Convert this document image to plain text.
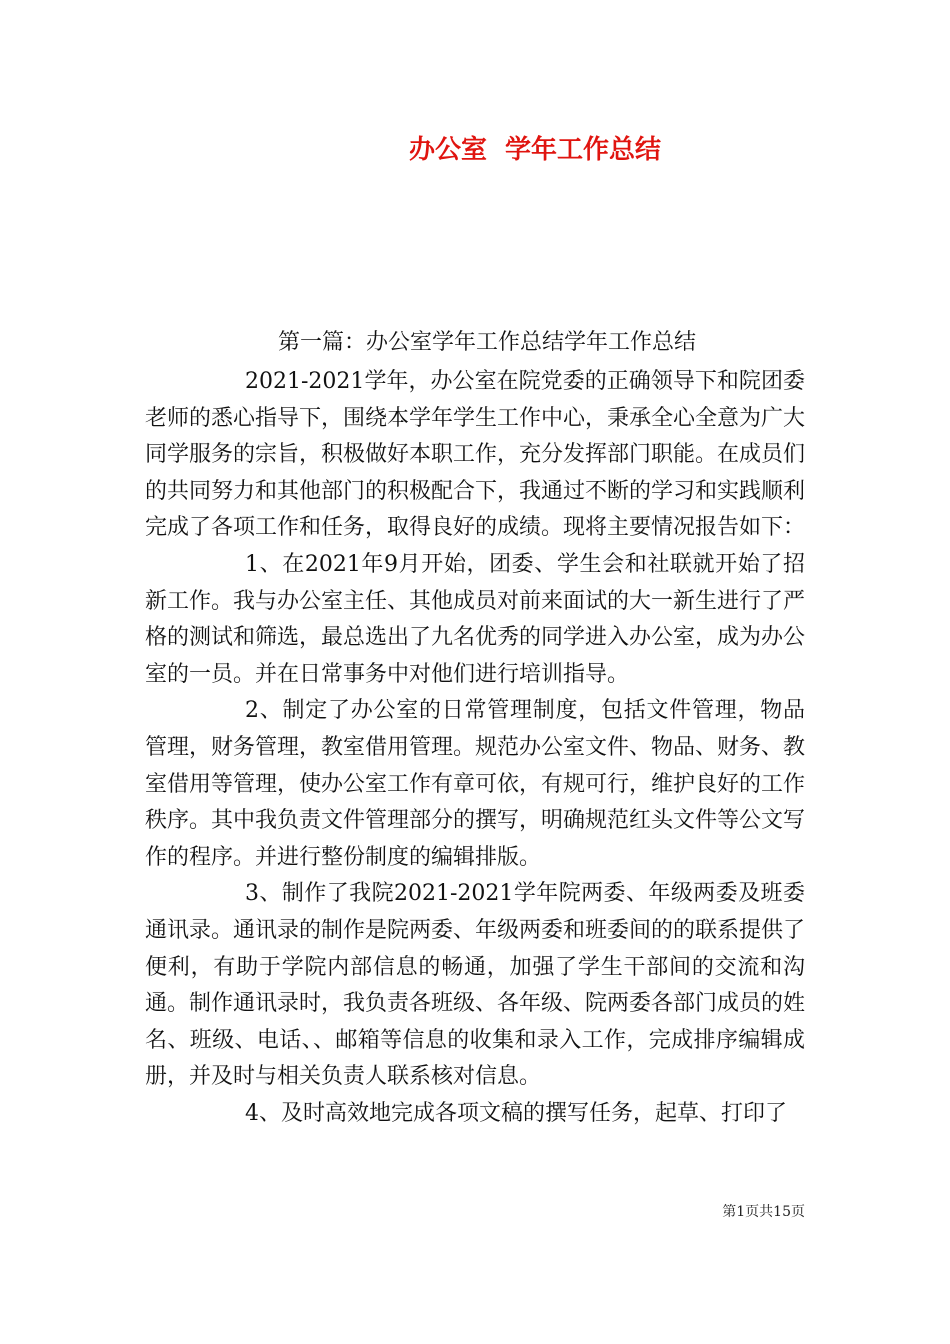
办公室  学年工作总结
第一篇：办公室学年工作总结学年工作总结

2021-2021学年，办公室在院党委的正确领导下和院团委老师的悉心指导下，围绕本学年学生工作中心，秉承全心全意为广大同学服务的宗旨，积极做好本职工作，充分发挥部门职能。在成员们的共同努力和其他部门的积极配合下，我通过不断的学习和实践顺利完成了各项工作和任务，取得良好的成绩。现将主要情况报告如下：

1、在2021年9月开始，团委、学生会和社联就开始了招新工作。我与办公室主任、其他成员对前来面试的大一新生进行了严格的测试和筛选，最总选出了九名优秀的同学进入办公室，成为办公室的一员。并在日常事务中对他们进行培训指导。

2、制定了办公室的日常管理制度，包括文件管理，物品管理，财务管理，教室借用管理。规范办公室文件、物品、财务、教室借用等管理，使办公室工作有章可依，有规可行，维护良好的工作秩序。其中我负责文件管理部分的撰写，明确规范红头文件等公文写作的程序。并进行整份制度的编辑排版。

3、制作了我院2021-2021学年院两委、年级两委及班委通讯录。通讯录的制作是院两委、年级两委和班委间的的联系提供了便利，有助于学院内部信息的畅通，加强了学生干部间的交流和沟通。制作通讯录时，我负责各班级、各年级、院两委各部门成员的姓名、班级、电话、、邮箱等信息的收集和录入工作，完成排序编辑成册，并及时与相关负责人联系核对信息。

4、及时高效地完成各项文稿的撰写任务，起草、打印了

第1页共15页
